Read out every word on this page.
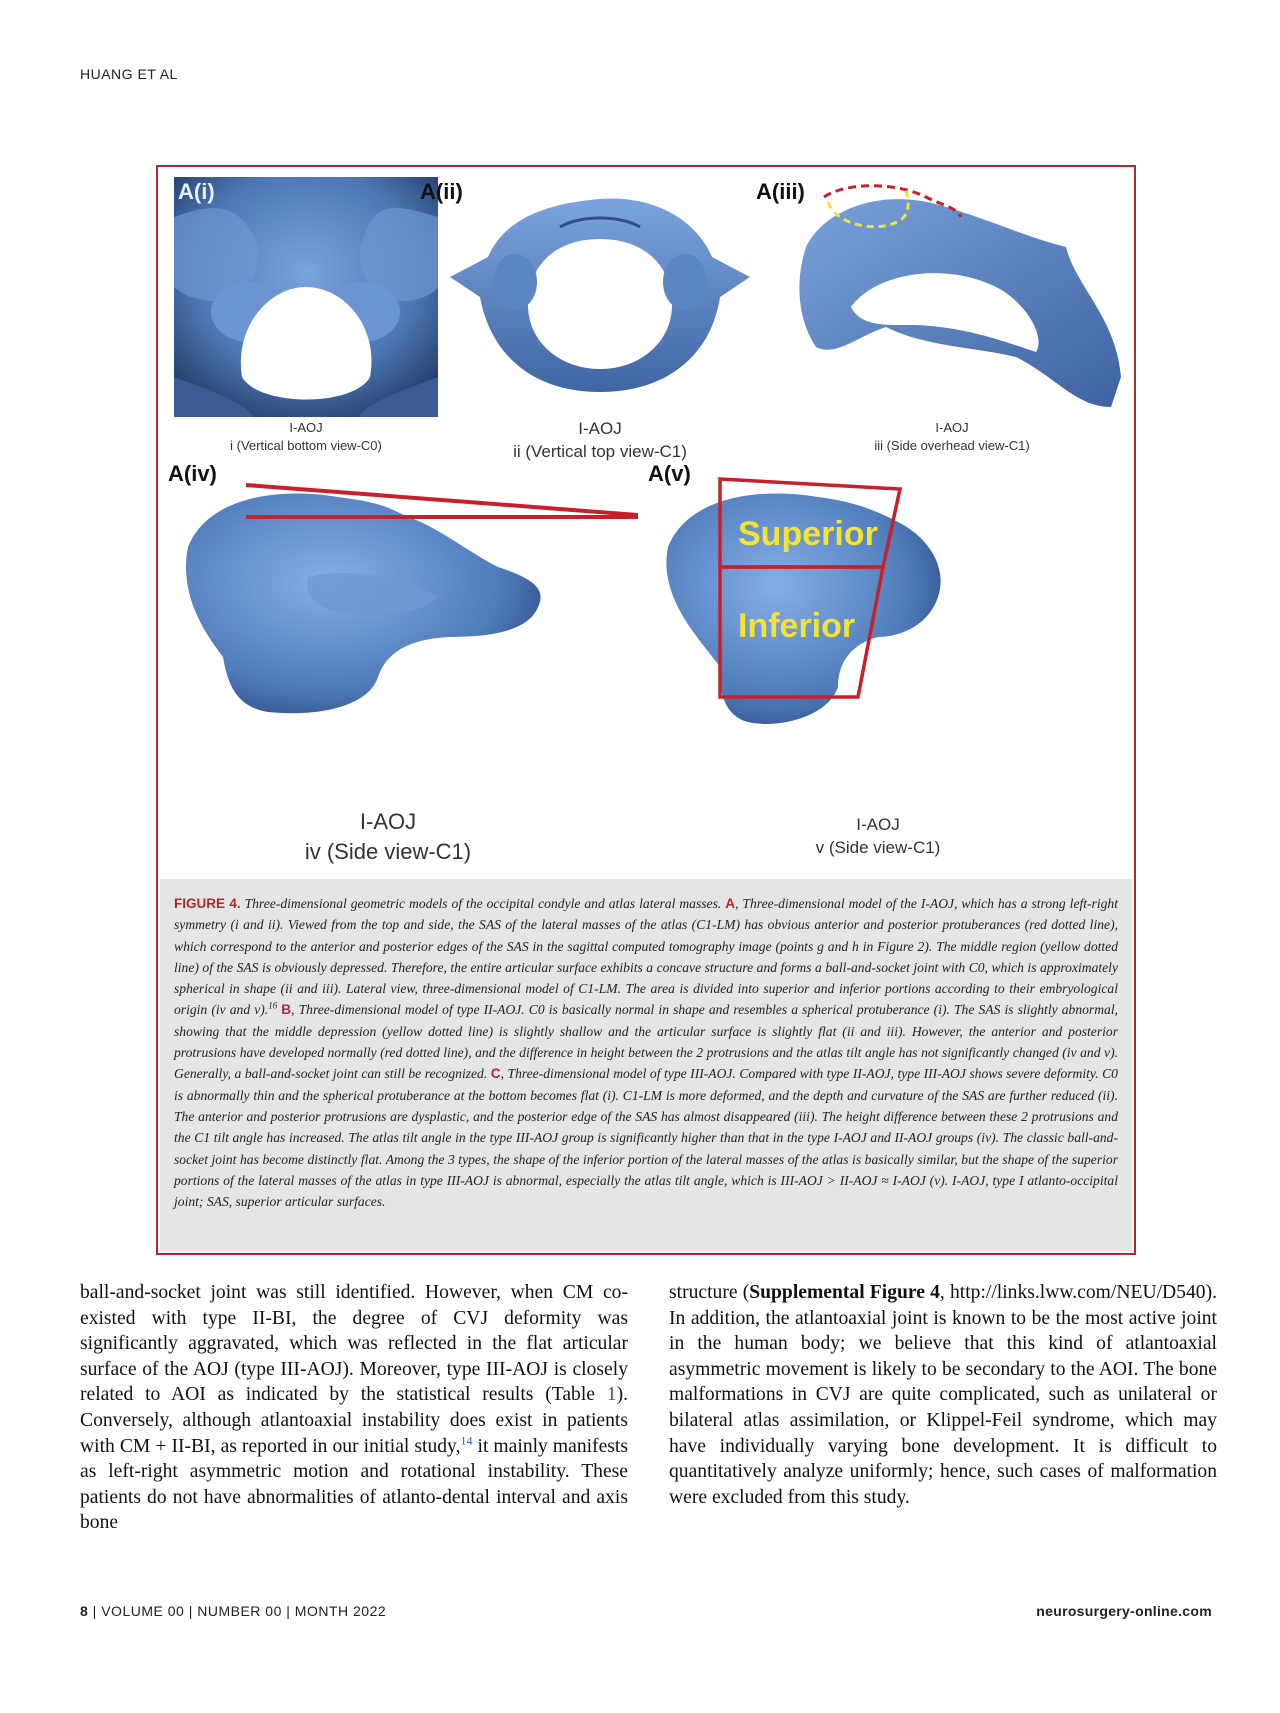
HUANG ET AL
A(i)
I-AOJ
i (Vertical bottom view-C0)
A(ii)
I-AOJ
ii (Vertical top view-C1)
A(iii)
I-AOJ
iii (Side overhead view-C1)
A(iv)
I-AOJ
iv (Side view-C1)
A(v)
Superior
Inferior
I-AOJ
v (Side view-C1)
FIGURE 4. Three-dimensional geometric models of the occipital condyle and atlas lateral masses. A, Three-dimensional model of the I-AOJ, which has a strong left-right symmetry (i and ii). Viewed from the top and side, the SAS of the lateral masses of the atlas (C1-LM) has obvious anterior and posterior protuberances (red dotted line), which correspond to the anterior and posterior edges of the SAS in the sagittal computed tomography image (points g and h in Figure 2). The middle region (yellow dotted line) of the SAS is obviously depressed. Therefore, the entire articular surface exhibits a concave structure and forms a ball-and-socket joint with C0, which is approximately spherical in shape (ii and iii). Lateral view, three-dimensional model of C1-LM. The area is divided into superior and inferior portions according to their embryological origin (iv and v).$^{16}$ B, Three-dimensional model of type II-AOJ. C0 is basically normal in shape and resembles a spherical protuberance (i). The SAS is slightly abnormal, showing that the middle depression (yellow dotted line) is slightly shallow and the articular surface is slightly flat (ii and iii). However, the anterior and posterior protrusions have developed normally (red dotted line), and the difference in height between the 2 protrusions and the atlas tilt angle has not significantly changed (iv and v). Generally, a ball-and-socket joint can still be recognized. C, Three-dimensional model of type III-AOJ. Compared with type II-AOJ, type III-AOJ shows severe deformity. C0 is abnormally thin and the spherical protuberance at the bottom becomes flat (i). C1-LM is more deformed, and the depth and curvature of the SAS are further reduced (ii). The anterior and posterior protrusions are dysplastic, and the posterior edge of the SAS has almost disappeared (iii). The height difference between these 2 protrusions and the C1 tilt angle has increased. The atlas tilt angle in the type III-AOJ group is significantly higher than that in the type I-AOJ and II-AOJ groups (iv). The classic ball-and-socket joint has become distinctly flat. Among the 3 types, the shape of the inferior portion of the lateral masses of the atlas is basically similar, but the shape of the superior portions of the lateral masses of the atlas in type III-AOJ is abnormal, especially the atlas tilt angle, which is III-AOJ > II-AOJ ≈ I-AOJ (v). I-AOJ, type I atlanto-occipital joint; SAS, superior articular surfaces.
ball-and-socket joint was still identified. However, when CM co-existed with type II-BI, the degree of CVJ deformity was significantly aggravated, which was reflected in the flat articular surface of the AOJ (type III-AOJ). Moreover, type III-AOJ is closely related to AOI as indicated by the statistical results (Table 1). Conversely, although atlantoaxial instability does exist in patients with CM + II-BI, as reported in our initial study,$^{14}$ it mainly manifests as left-right asymmetric motion and rotational instability. These patients do not have abnormalities of atlanto-dental interval and axis bone
structure (Supplemental Figure 4, http://links.lww.com/NEU/D540). In addition, the atlantoaxial joint is known to be the most active joint in the human body; we believe that this kind of atlantoaxial asymmetric movement is likely to be secondary to the AOI. The bone malformations in CVJ are quite complicated, such as unilateral or bilateral atlas assimilation, or Klippel-Feil syndrome, which may have individually varying bone development. It is difficult to quantitatively analyze uniformly; hence, such cases of malformation were excluded from this study.
8 | VOLUME 00 | NUMBER 00 | MONTH 2022	neurosurgery-online.com
